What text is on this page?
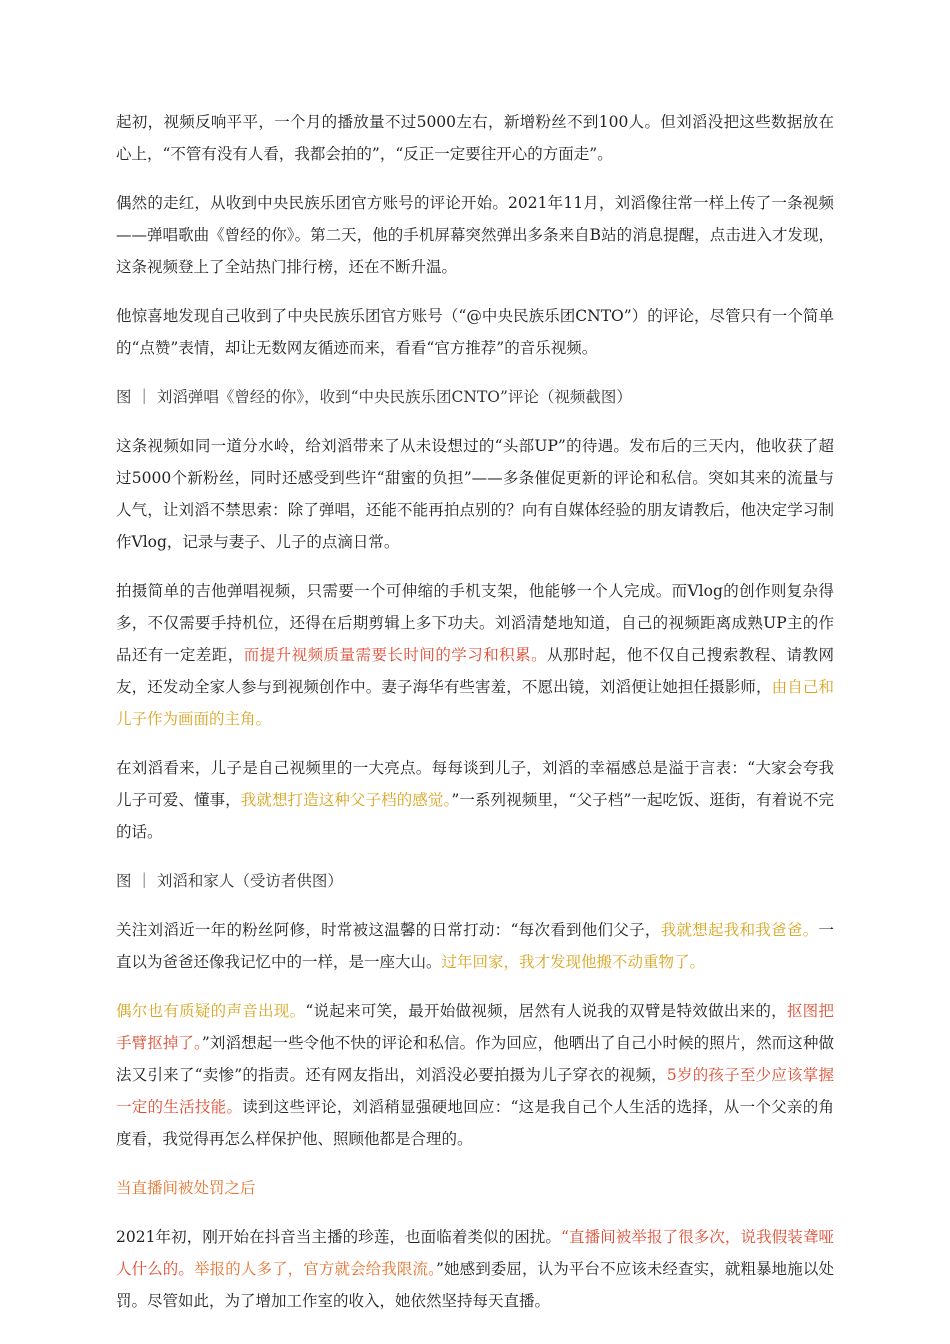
起初，视频反响平平，一个月的播放量不过5000左右，新增粉丝不到100人。但刘滔没把这些数据放在心上，“不管有没有人看，我都会拍的”，“反正一定要往开心的方面走”。

偶然的走红，从收到中央民族乐团官方账号的评论开始。2021年11月，刘滔像往常一样上传了一条视频——弹唱歌曲《曾经的你》。第二天，他的手机屏幕突然弹出多条来自B站的消息提醒，点击进入才发现，这条视频登上了全站热门排行榜，还在不断升温。

他惊喜地发现自己收到了中央民族乐团官方账号（“@中央民族乐团CNTO”）的评论，尽管只有一个简单的“点赞”表情，却让无数网友循迹而来，看看“官方推荐”的音乐视频。

图 ｜ 刘滔弹唱《曾经的你》，收到“中央民族乐团CNTO”评论（视频截图）

这条视频如同一道分水岭，给刘滔带来了从未设想过的“头部UP”的待遇。发布后的三天内，他收获了超过5000个新粉丝，同时还感受到些许“甜蜜的负担”——多条催促更新的评论和私信。突如其来的流量与人气，让刘滔不禁思索：除了弹唱，还能不能再拍点别的？向有自媒体经验的朋友请教后，他决定学习制作Vlog，记录与妻子、儿子的点滴日常。

拍摄简单的吉他弹唱视频，只需要一个可伸缩的手机支架，他能够一个人完成。而Vlog的创作则复杂得多，不仅需要手持机位，还得在后期剪辑上多下功夫。刘滔清楚地知道，自己的视频距离成熟UP主的作品还有一定差距，而提升视频质量需要长时间的学习和积累。从那时起，他不仅自己搜索教程、请教网友，还发动全家人参与到视频创作中。妻子海华有些害羞，不愿出镜，刘滔便让她担任摄影师，由自己和儿子作为画面的主角。

在刘滔看来，儿子是自己视频里的一大亮点。每每谈到儿子，刘滔的幸福感总是溢于言表：“大家会夸我儿子可爱、懂事，我就想打造这种父子档的感觉。”一系列视频里，“父子档”一起吃饭、逛街，有着说不完的话。

图 ｜ 刘滔和家人（受访者供图）

关注刘滔近一年的粉丝阿修，时常被这温馨的日常打动：“每次看到他们父子，我就想起我和我爸爸。一直以为爸爸还像我记忆中的一样，是一座大山。过年回家，我才发现他搬不动重物了。

偶尔也有质疑的声音出现。“说起来可笑，最开始做视频，居然有人说我的双臂是特效做出来的，抠图把手臂抠掉了。”刘滔想起一些令他不快的评论和私信。作为回应，他晒出了自己小时候的照片，然而这种做法又引来了“卖惨”的指责。还有网友指出，刘滔没必要拍摄为儿子穿衣的视频，5岁的孩子至少应该掌握一定的生活技能。读到这些评论，刘滔稍显强硬地回应：“这是我自己个人生活的选择，从一个父亲的角度看，我觉得再怎么样保护他、照顾他都是合理的。

当直播间被处罚之后

2021年初，刚开始在抖音当主播的珍莲，也面临着类似的困扰。“直播间被举报了很多次，说我假装聋哑人什么的。举报的人多了，官方就会给我限流。”她感到委屈，认为平台不应该未经查实，就粗暴地施以处罚。尽管如此，为了增加工作室的收入，她依然坚持每天直播。
